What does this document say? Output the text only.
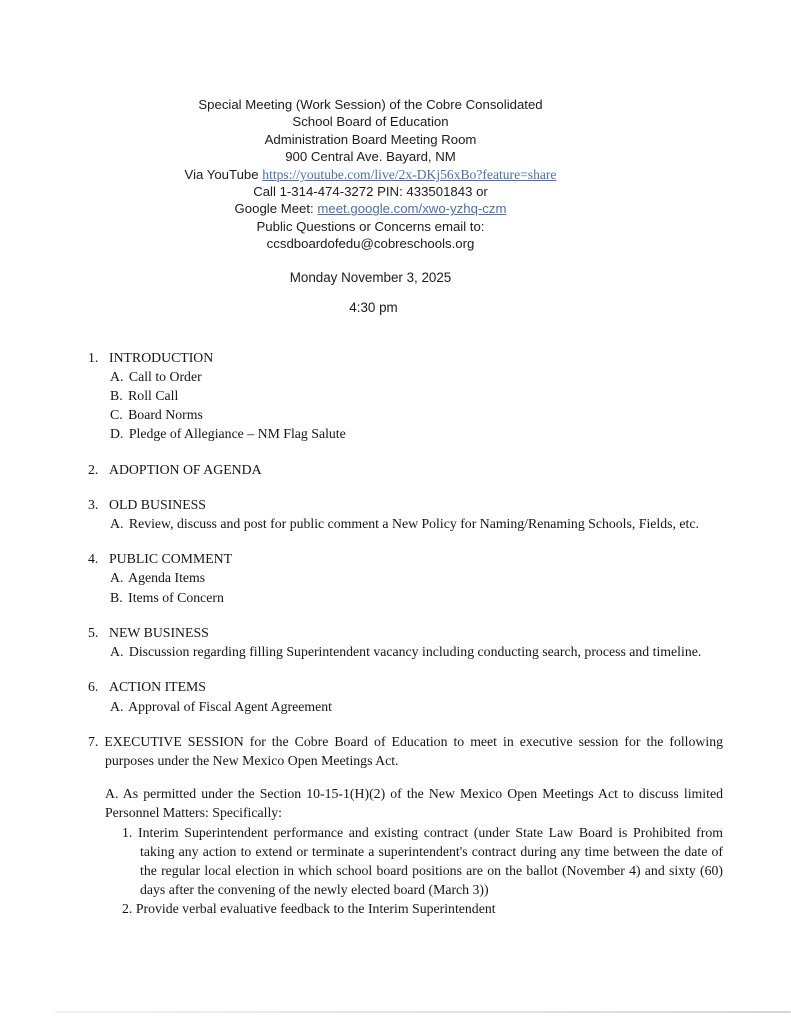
Special Meeting (Work Session) of the Cobre Consolidated
School Board of Education
Administration Board Meeting Room
900 Central Ave. Bayard, NM
Via YouTube https://youtube.com/live/2x-DKj56xBo?feature=share
Call 1-314-474-3272 PIN: 433501843 or
Google Meet: meet.google.com/xwo-yzhq-czm
Public Questions or Concerns email to:
ccsdboardofedu@cobreschools.org
Monday November 3, 2025
4:30 pm

1. INTRODUCTION

A. Call to Order

B. Roll Call

C. Board Norms

D. Pledge of Allegiance – NM Flag Salute

2. ADOPTION OF AGENDA

3. OLD BUSINESS

A. Review, discuss and post for public comment a New Policy for Naming/Renaming Schools, Fields, etc.

4. PUBLIC COMMENT

A. Agenda Items

B. Items of Concern

5. NEW BUSINESS

A. Discussion regarding filling Superintendent vacancy including conducting search, process and timeline.

6. ACTION ITEMS

A. Approval of Fiscal Agent Agreement

7. EXECUTIVE SESSION for the Cobre Board of Education to meet in executive session for the following purposes under the New Mexico Open Meetings Act.

A. As permitted under the Section 10-15-1(H)(2) of the New Mexico Open Meetings Act to discuss limited Personnel Matters: Specifically:

1. Interim Superintendent performance and existing contract (under State Law Board is Prohibited from taking any action to extend or terminate a superintendent's contract during any time between the date of the regular local election in which school board positions are on the ballot (November 4) and sixty (60) days after the convening of the newly elected board (March 3))

2. Provide verbal evaluative feedback to the Interim Superintendent
